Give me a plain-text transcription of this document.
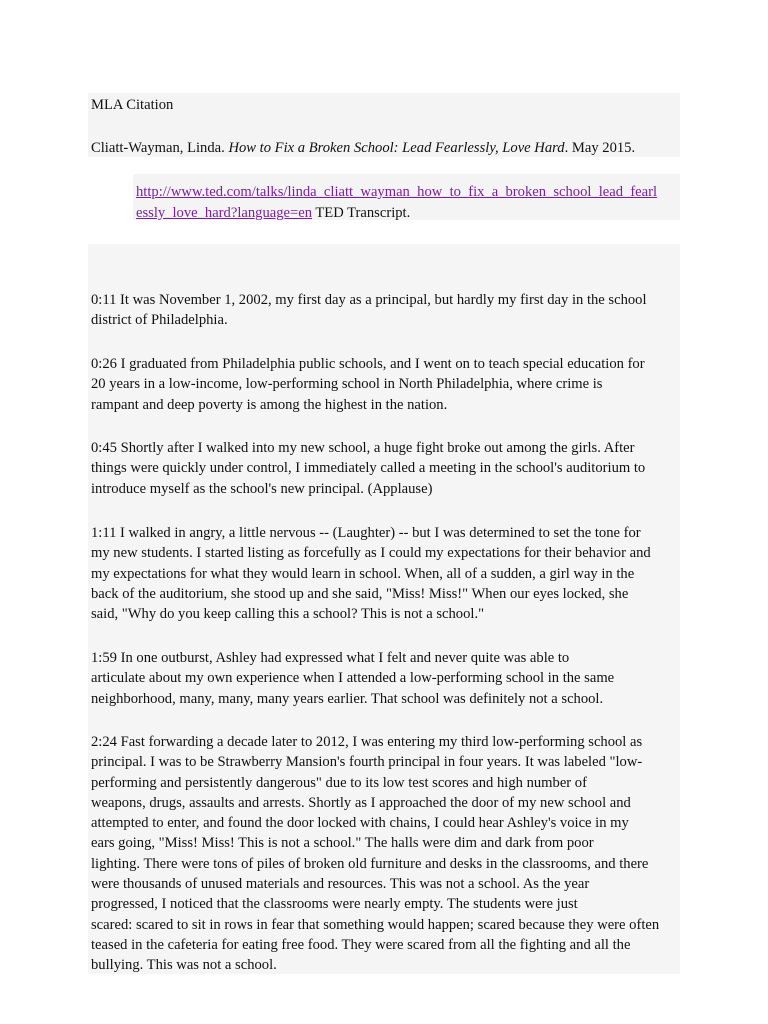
MLA Citation

Cliatt-Wayman, Linda. How to Fix a Broken School: Lead Fearlessly, Love Hard. May 2015.

http://www.ted.com/talks/linda_cliatt_wayman_how_to_fix_a_broken_school_lead_fearl

essly_love_hard?language=en TED Transcript.

0:11 It was November 1, 2002, my first day as a principal, but hardly my first day in the school
district of Philadelphia.
0:26 I graduated from Philadelphia public schools, and I went on to teach special education for
20 years in a low-income, low-performing school in North Philadelphia, where crime is
rampant and deep poverty is among the highest in the nation.
0:45 Shortly after I walked into my new school, a huge fight broke out among the girls. After
things were quickly under control, I immediately called a meeting in the school's auditorium to
introduce myself as the school's new principal. (Applause)
1:11 I walked in angry, a little nervous -- (Laughter) -- but I was determined to set the tone for
my new students. I started listing as forcefully as I could my expectations for their behavior and
my expectations for what they would learn in school. When, all of a sudden, a girl way in the
back of the auditorium, she stood up and she said, "Miss! Miss!" When our eyes locked, she
said, "Why do you keep calling this a school? This is not a school."
1:59 In one outburst, Ashley had expressed what I felt and never quite was able to
articulate about my own experience when I attended a low-performing school in the same
neighborhood, many, many, many years earlier. That school was definitely not a school.
2:24 Fast forwarding a decade later to 2012, I was entering my third low-performing school as
principal. I was to be Strawberry Mansion's fourth principal in four years. It was labeled "low-
performing and persistently dangerous" due to its low test scores and high number of
weapons, drugs, assaults and arrests. Shortly as I approached the door of my new school and
attempted to enter, and found the door locked with chains, I could hear Ashley's voice in my
ears going, "Miss! Miss! This is not a school." The halls were dim and dark from poor
lighting. There were tons of piles of broken old furniture and desks in the classrooms, and there
were thousands of unused materials and resources. This was not a school. As the year
progressed, I noticed that the classrooms were nearly empty. The students were just
scared: scared to sit in rows in fear that something would happen; scared because they were often
teased in the cafeteria for eating free food. They were scared from all the fighting and all the
bullying. This was not a school.
